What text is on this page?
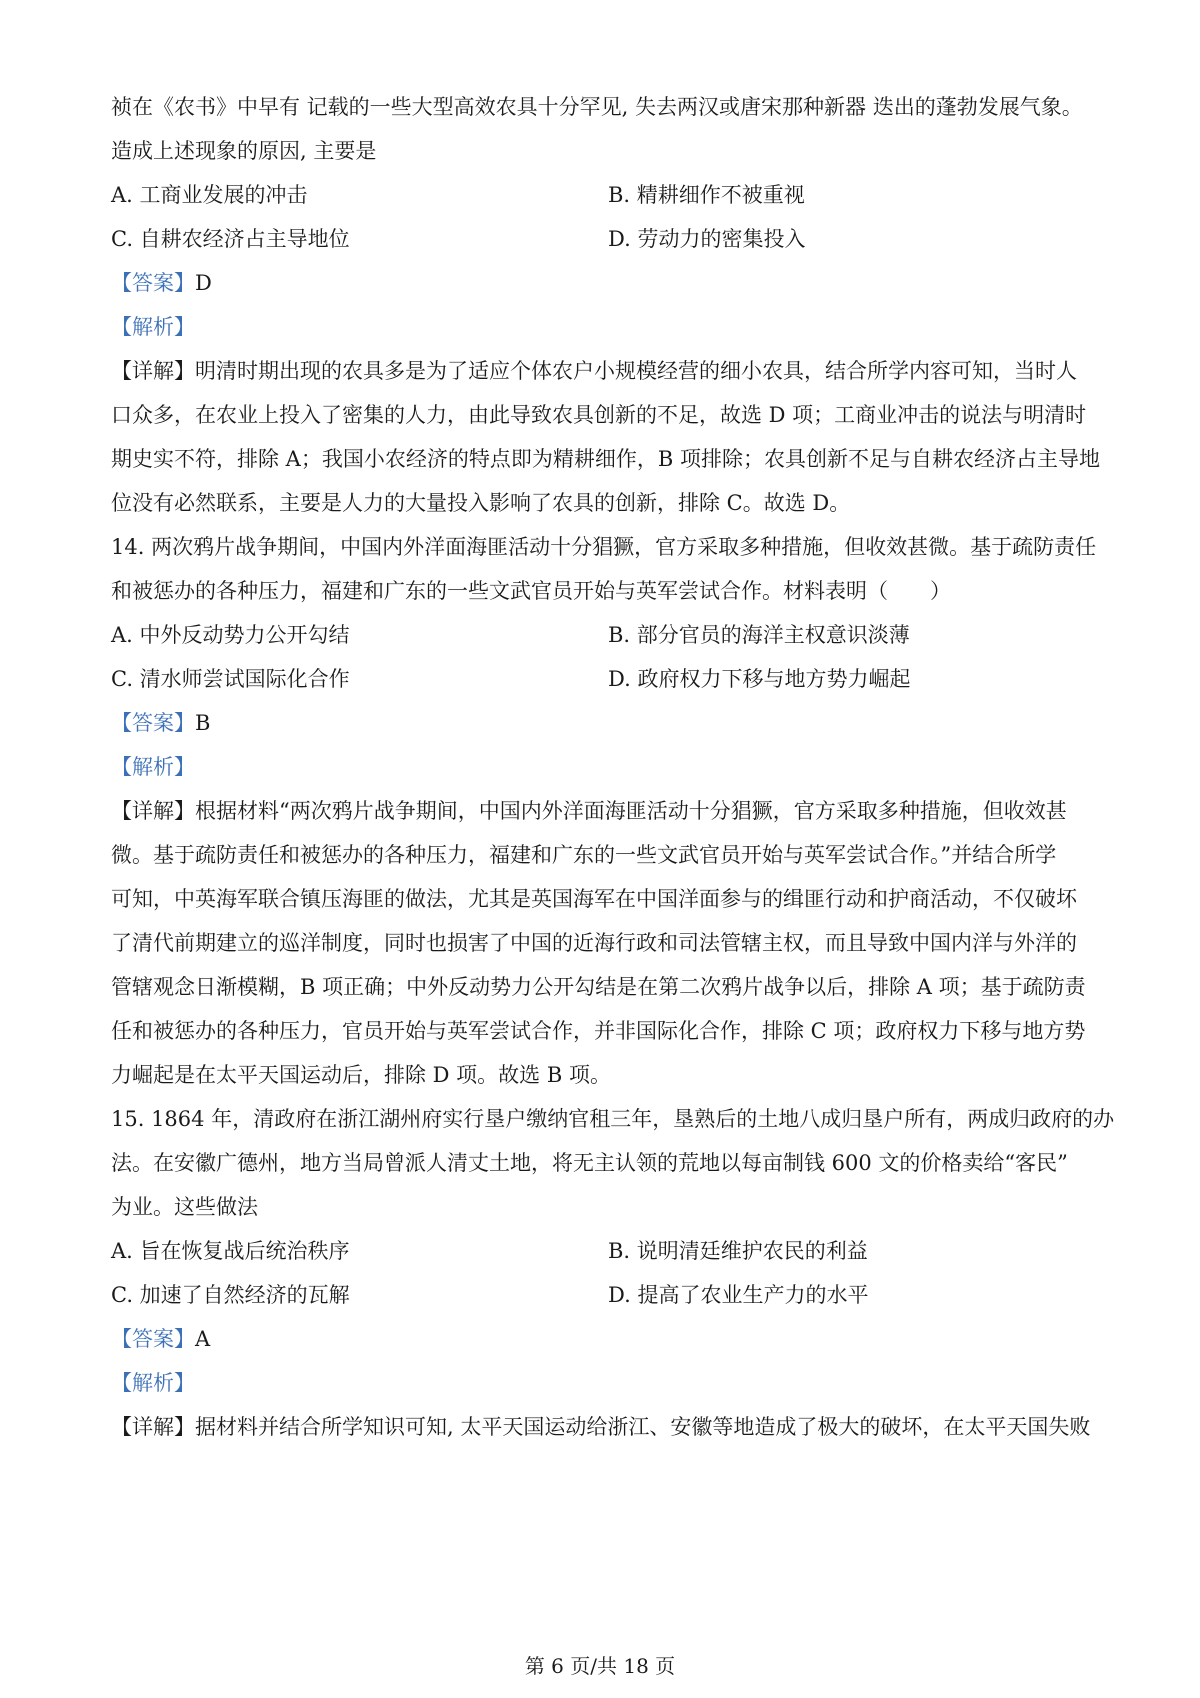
祯在《农书》中早有 记载的一些大型高效农具十分罕见, 失去两汉或唐宋那种新器 迭出的蓬勃发展气象。
造成上述现象的原因, 主要是
A. 工商业发展的冲击	B. 精耕细作不被重视
C. 自耕农经济占主导地位	D. 劳动力的密集投入
【答案】D
【解析】
【详解】明清时期出现的农具多是为了适应个体农户小规模经营的细小农具，结合所学内容可知，当时人
口众多，在农业上投入了密集的人力，由此导致农具创新的不足，故选 D 项；工商业冲击的说法与明清时
期史实不符，排除 A；我国小农经济的特点即为精耕细作，B 项排除；农具创新不足与自耕农经济占主导地
位没有必然联系，主要是人力的大量投入影响了农具的创新，排除 C。故选 D。
14. 两次鸦片战争期间，中国内外洋面海匪活动十分猖獗，官方采取多种措施，但收效甚微。基于疏防责任
和被惩办的各种压力，福建和广东的一些文武官员开始与英军尝试合作。材料表明（　　）
A. 中外反动势力公开勾结	B. 部分官员的海洋主权意识淡薄
C. 清水师尝试国际化合作	D. 政府权力下移与地方势力崛起
【答案】B
【解析】
【详解】根据材料“两次鸦片战争期间，中国内外洋面海匪活动十分猖獗，官方采取多种措施，但收效甚
微。基于疏防责任和被惩办的各种压力，福建和广东的一些文武官员开始与英军尝试合作。”并结合所学
可知，中英海军联合镇压海匪的做法，尤其是英国海军在中国洋面参与的缉匪行动和护商活动，不仅破坏
了清代前期建立的巡洋制度，同时也损害了中国的近海行政和司法管辖主权，而且导致中国内洋与外洋的
管辖观念日渐模糊，B 项正确；中外反动势力公开勾结是在第二次鸦片战争以后，排除 A 项；基于疏防责
任和被惩办的各种压力，官员开始与英军尝试合作，并非国际化合作，排除 C 项；政府权力下移与地方势
力崛起是在太平天国运动后，排除 D 项。故选 B 项。
15. 1864 年，清政府在浙江湖州府实行垦户缴纳官租三年，垦熟后的土地八成归垦户所有，两成归政府的办
法。在安徽广德州，地方当局曾派人清丈土地，将无主认领的荒地以每亩制钱 600 文的价格卖给“客民”
为业。这些做法
A. 旨在恢复战后统治秩序	B. 说明清廷维护农民的利益
C. 加速了自然经济的瓦解	D. 提高了农业生产力的水平
【答案】A
【解析】
【详解】据材料并结合所学知识可知, 太平天国运动给浙江、安徽等地造成了极大的破坏，在太平天国失败
第 6 页/共 18 页
